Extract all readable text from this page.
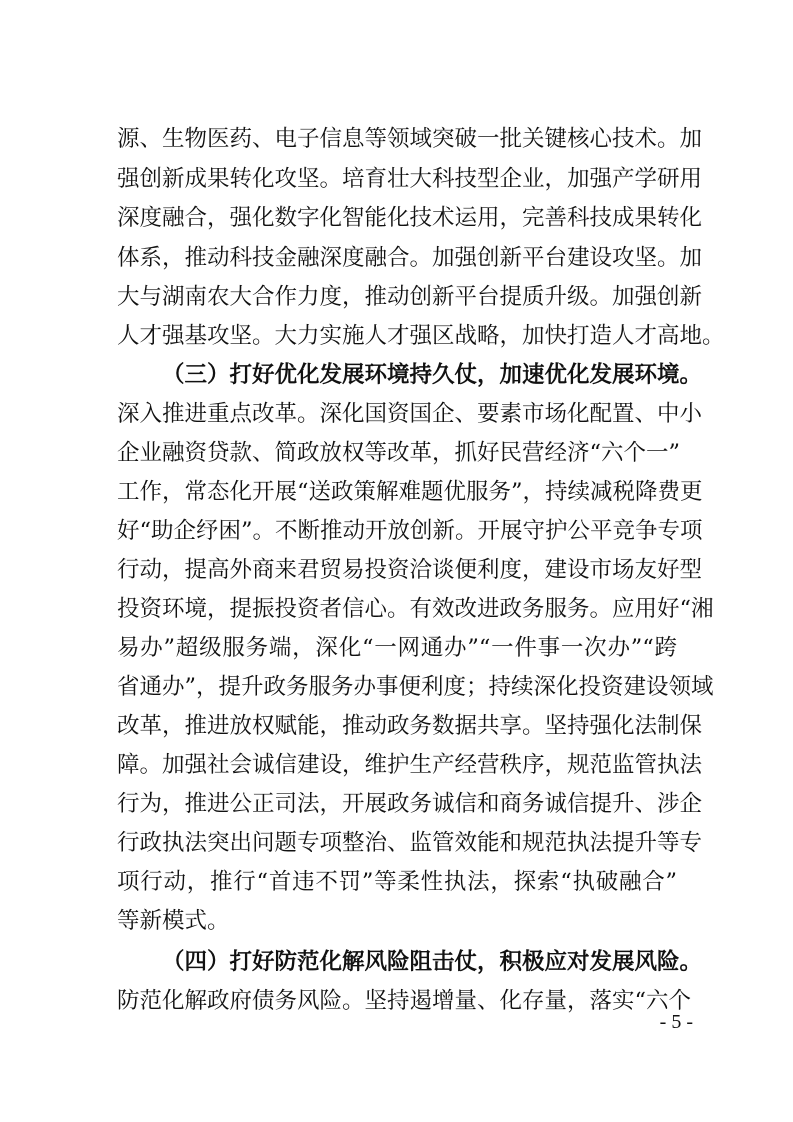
源、生物医药、电子信息等领域突破一批关键核心技术。加
强创新成果转化攻坚。培育壮大科技型企业，加强产学研用
深度融合，强化数字化智能化技术运用，完善科技成果转化
体系，推动科技金融深度融合。加强创新平台建设攻坚。加
大与湖南农大合作力度，推动创新平台提质升级。加强创新
人才强基攻坚。大力实施人才强区战略，加快打造人才高地。
（三）打好优化发展环境持久仗，加速优化发展环境。
深入推进重点改革。深化国资国企、要素市场化配置、中小
企业融资贷款、简政放权等改革，抓好民营经济“六个一”
工作，常态化开展“送政策解难题优服务”，持续减税降费更
好“助企纾困”。不断推动开放创新。开展守护公平竞争专项
行动，提高外商来君贸易投资洽谈便利度，建设市场友好型
投资环境，提振投资者信心。有效改进政务服务。应用好“湘
易办”超级服务端，深化“一网通办”“一件事一次办”“跨
省通办”，提升政务服务办事便利度；持续深化投资建设领域
改革，推进放权赋能，推动政务数据共享。坚持强化法制保
障。加强社会诚信建设，维护生产经营秩序，规范监管执法
行为，推进公正司法，开展政务诚信和商务诚信提升、涉企
行政执法突出问题专项整治、监管效能和规范执法提升等专
项行动，推行“首违不罚”等柔性执法，探索“执破融合”
等新模式。
（四）打好防范化解风险阻击仗，积极应对发展风险。
防范化解政府债务风险。坚持遏增量、化存量，落实“六个
- 5 -
